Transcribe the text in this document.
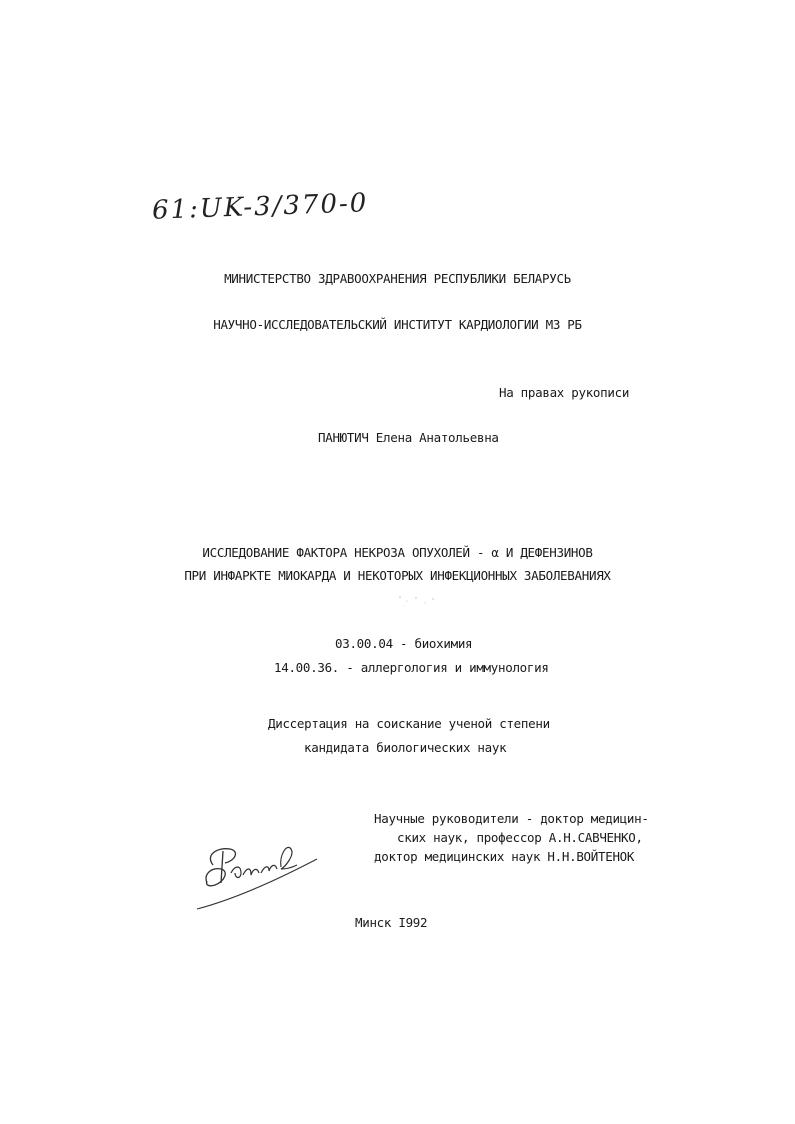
61:UK-3/370-0
МИНИСТЕРСТВО ЗДРАВООХРАНЕНИЯ РЕСПУБЛИКИ БЕЛАРУСЬ
НАУЧНО-ИССЛЕДОВАТЕЛЬСКИЙ ИНСТИТУТ КАРДИОЛОГИИ МЗ РБ
На правах рукописи
ПАНЮТИЧ Елена Анатольевна
ИССЛЕДОВАНИЕ ФАКТОРА НЕКРОЗА ОПУХОЛЕЙ - α И ДЕФЕНЗИНОВ
ПРИ ИНФАРКТЕ МИОКАРДА И НЕКОТОРЫХ ИНФЕКЦИОННЫХ ЗАБОЛЕВАНИЯХ
03.00.04 - биохимия
14.00.36. - аллергология и иммунология
Диссертация на соискание ученой степени
кандидата биологических наук
Научные руководители - доктор медицин-
ских наук, профессор А.Н.САВЧЕНКО,
доктор медицинских наук Н.Н.ВОЙТЕНОК
Минск I992
